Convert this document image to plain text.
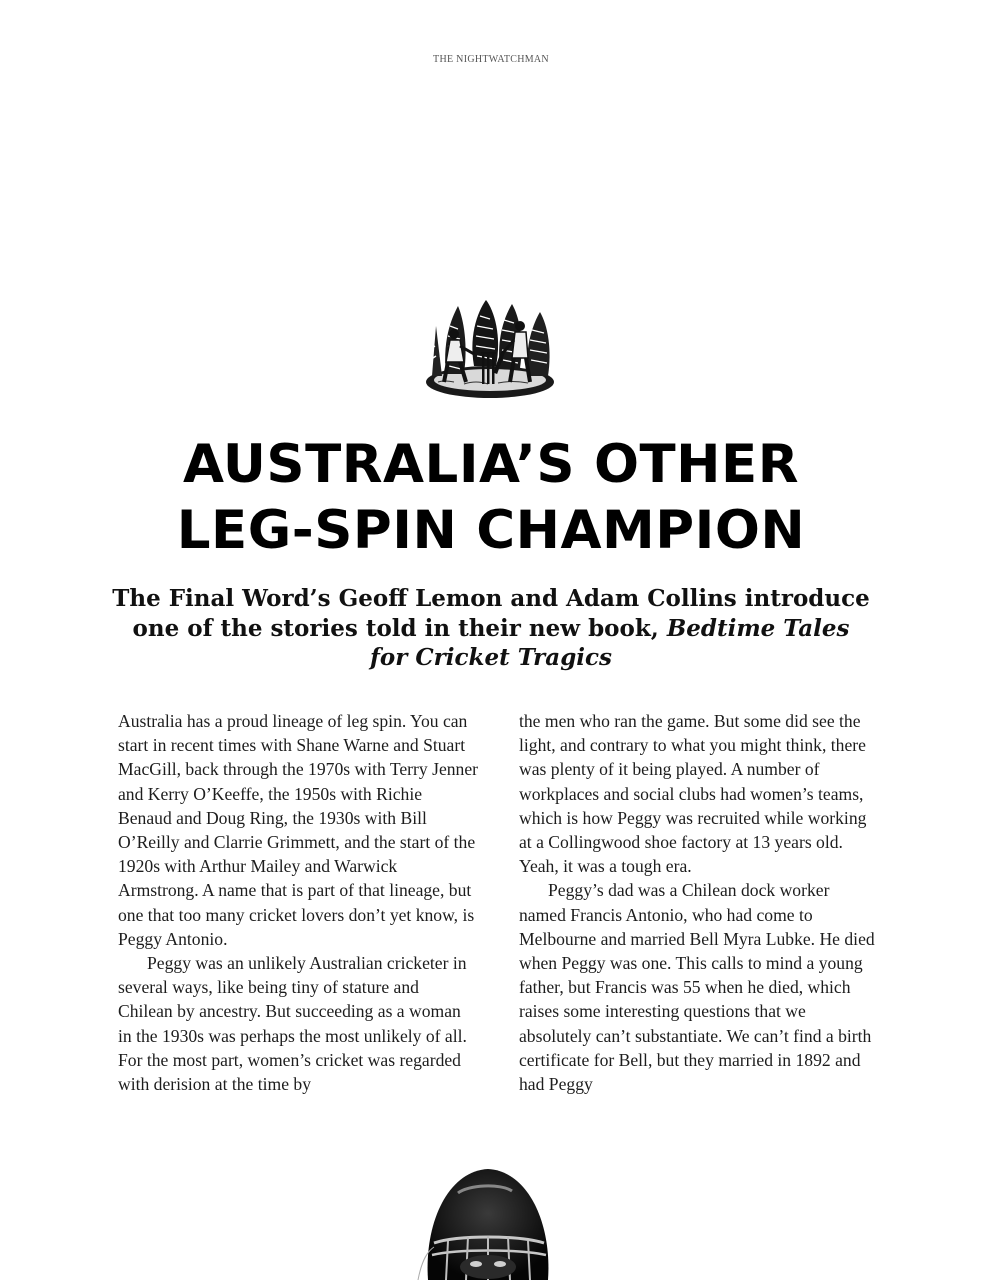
THE NIGHTWATCHMAN
AUSTRALIA’S OTHER
LEG-SPIN CHAMPION
The Final Word’s Geoff Lemon and Adam Collins introduce one of the stories told in their new book, Bedtime Tales for Cricket Tragics

Australia has a proud lineage of leg spin. You can start in recent times with Shane Warne and Stuart MacGill, back through the 1970s with Terry Jenner and Kerry O’Keeffe, the 1950s with Richie Benaud and Doug Ring, the 1930s with Bill O’Reilly and Clarrie Grimmett, and the start of the 1920s with Arthur Mailey and Warwick Armstrong. A name that is part of that lineage, but one that too many cricket lovers don’t yet know, is Peggy Antonio.

Peggy was an unlikely Australian cricketer in several ways, like being tiny of stature and Chilean by ancestry. But succeeding as a woman in the 1930s was perhaps the most unlikely of all. For the most part, women’s cricket was regarded with derision at the time by

the men who ran the game. But some did see the light, and contrary to what you might think, there was plenty of it being played. A number of workplaces and social clubs had women’s teams, which is how Peggy was recruited while working at a Collingwood shoe factory at 13 years old. Yeah, it was a tough era.

Peggy’s dad was a Chilean dock worker named Francis Antonio, who had come to Melbourne and married Bell Myra Lubke. He died when Peggy was one. This calls to mind a young father, but Francis was 55 when he died, which raises some interesting questions that we absolutely can’t substantiate. We can’t find a birth certificate for Bell, but they married in 1892 and had Peggy
